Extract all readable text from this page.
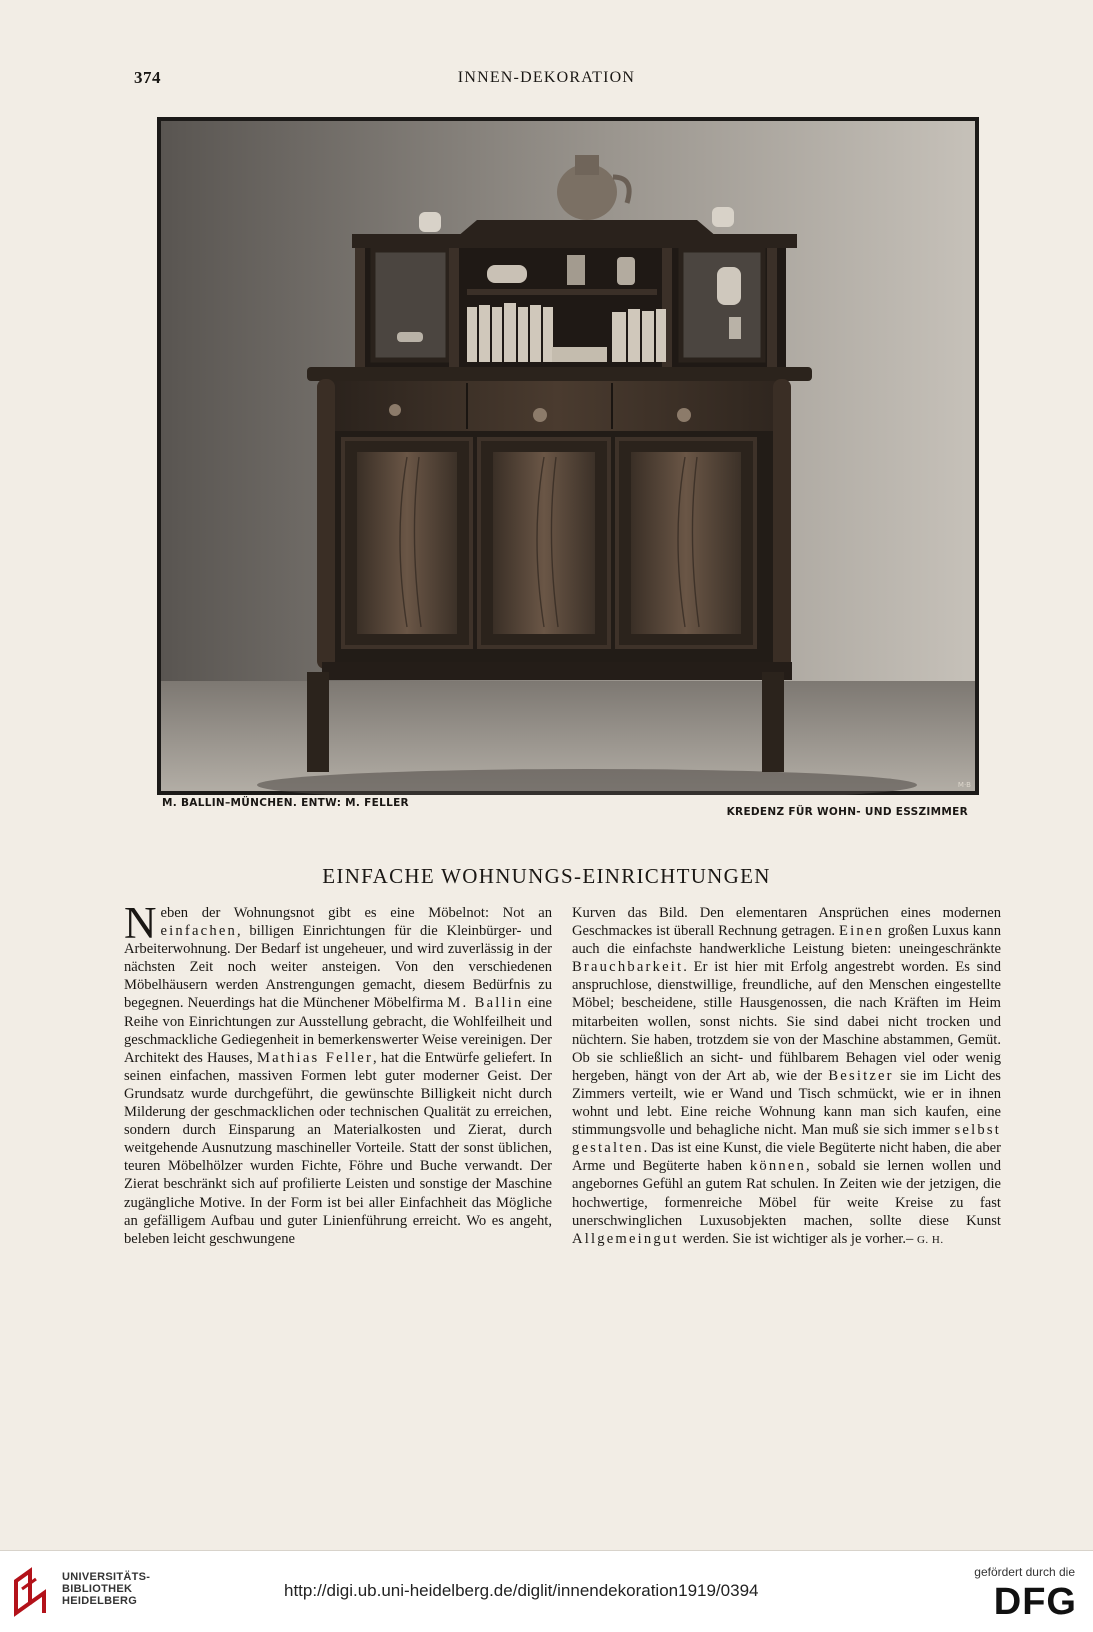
374	INNEN-DEKORATION
M·B
M. BALLIN–MÜNCHEN. ENTW: M. FELLER
KREDENZ FÜR WOHN- UND ESSZIMMER
EINFACHE WOHNUNGS-EINRICHTUNGEN

Neben der Wohnungsnot gibt es eine Möbelnot: Not an einfachen, billigen Einrichtungen für die Kleinbürger- und Arbeiterwohnung. Der Bedarf ist ungeheuer, und wird zuverlässig in der nächsten Zeit noch weiter ansteigen. Von den verschiedenen Möbelhäusern werden Anstrengungen gemacht, diesem Bedürfnis zu begegnen. Neuerdings hat die Münchener Möbelfirma M. Ballin eine Reihe von Einrichtungen zur Ausstellung gebracht, die Wohlfeilheit und geschmackliche Gediegenheit in bemerkenswerter Weise vereinigen. Der Architekt des Hauses, Mathias Feller, hat die Entwürfe geliefert. In seinen einfachen, massiven Formen lebt guter moderner Geist. Der Grundsatz wurde durchgeführt, die gewünschte Billigkeit nicht durch Milderung der geschmacklichen oder technischen Qualität zu erreichen, sondern durch Einsparung an Materialkosten und Zierat, durch weitgehende Ausnutzung maschineller Vorteile. Statt der sonst üblichen, teuren Möbelhölzer wurden Fichte, Föhre und Buche verwandt. Der Zierat beschränkt sich auf profilierte Leisten und sonstige der Maschine zugängliche Motive. In der Form ist bei aller Einfachheit das Mögliche an gefälligem Aufbau und guter Linienführung erreicht. Wo es angeht, beleben leicht geschwungene

Kurven das Bild. Den elementaren Ansprüchen eines modernen Geschmackes ist überall Rechnung getragen. Einen großen Luxus kann auch die einfachste handwerkliche Leistung bieten: uneingeschränkte Brauchbarkeit. Er ist hier mit Erfolg angestrebt worden. Es sind anspruchlose, dienstwillige, freundliche, auf den Menschen eingestellte Möbel; bescheidene, stille Hausgenossen, die nach Kräften im Heim mitarbeiten wollen, sonst nichts. Sie sind dabei nicht trocken und nüchtern. Sie haben, trotzdem sie von der Maschine abstammen, Gemüt. Ob sie schließlich an sicht- und fühlbarem Behagen viel oder wenig hergeben, hängt von der Art ab, wie der Besitzer sie im Licht des Zimmers verteilt, wie er Wand und Tisch schmückt, wie er in ihnen wohnt und lebt. Eine reiche Wohnung kann man sich kaufen, eine stimmungsvolle und behagliche nicht. Man muß sie sich immer selbst gestalten. Das ist eine Kunst, die viele Begüterte nicht haben, die aber Arme und Begüterte haben können, sobald sie lernen wollen und angebornes Gefühl an gutem Rat schulen. In Zeiten wie der jetzigen, die hochwertige, formenreiche Möbel für weite Kreise zu fast unerschwinglichen Luxusobjekten machen, sollte diese Kunst Allgemeingut werden. Sie ist wichtiger als je vorher.– G. H.

UNIVERSITÄTS-
BIBLIOTHEK
HEIDELBERG
http://digi.ub.uni-heidelberg.de/diglit/innendekoration1919/0394
gefördert durch die
DFG
